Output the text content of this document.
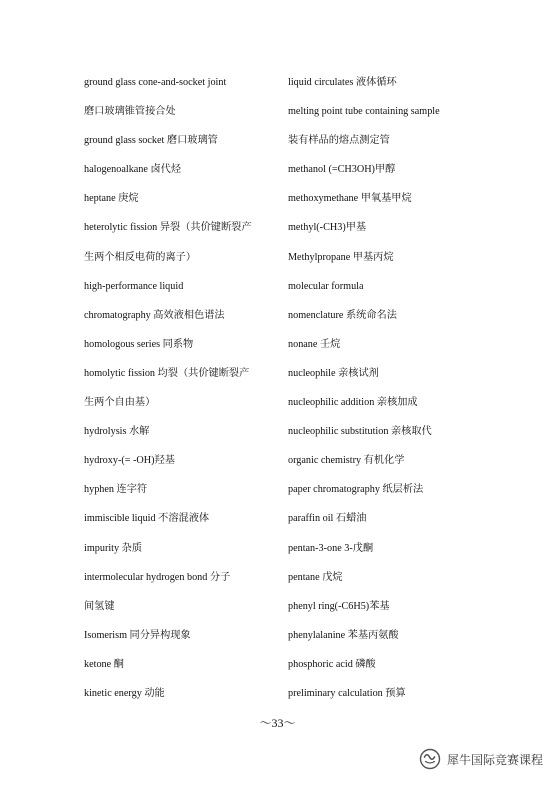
ground glass cone-and-socket joint
磨口玻璃锥管接合处
ground glass socket 磨口玻璃管
halogenoalkane 卤代烃
heptane 庚烷
heterolytic fission 异裂（共价键断裂产
生两个相反电荷的离子）
high-performance liquid
chromatography 高效液相色谱法
homologous series 同系物
homolytic fission 均裂（共价键断裂产
生两个自由基）
hydrolysis 水解
hydroxy-(= -OH)羟基
hyphen 连字符
immiscible liquid 不溶混液体
impurity 杂质
intermolecular hydrogen bond 分子
间氢键
Isomerism 同分异构现象
ketone 酮
kinetic energy 动能
liquid circulates 液体循环
melting point tube containing sample
装有样品的熔点测定管
methanol (=CH3OH)甲醇
methoxymethane 甲氧基甲烷
methyl(-CH3)甲基
Methylpropane 甲基丙烷
molecular formula
nomenclature 系统命名法
nonane 壬烷
nucleophile 亲核试剂
nucleophilic addition 亲核加成
nucleophilic substitution 亲核取代
organic chemistry 有机化学
paper chromatography 纸层析法
paraffin oil 石蜡油
pentan-3-one 3-戊酮
pentane 戊烷
phenyl ring(-C6H5)苯基
phenylalanine 苯基丙氨酸
phosphoric acid 磷酸
preliminary calculation 预算
～33～
犀牛国际竞赛课程
